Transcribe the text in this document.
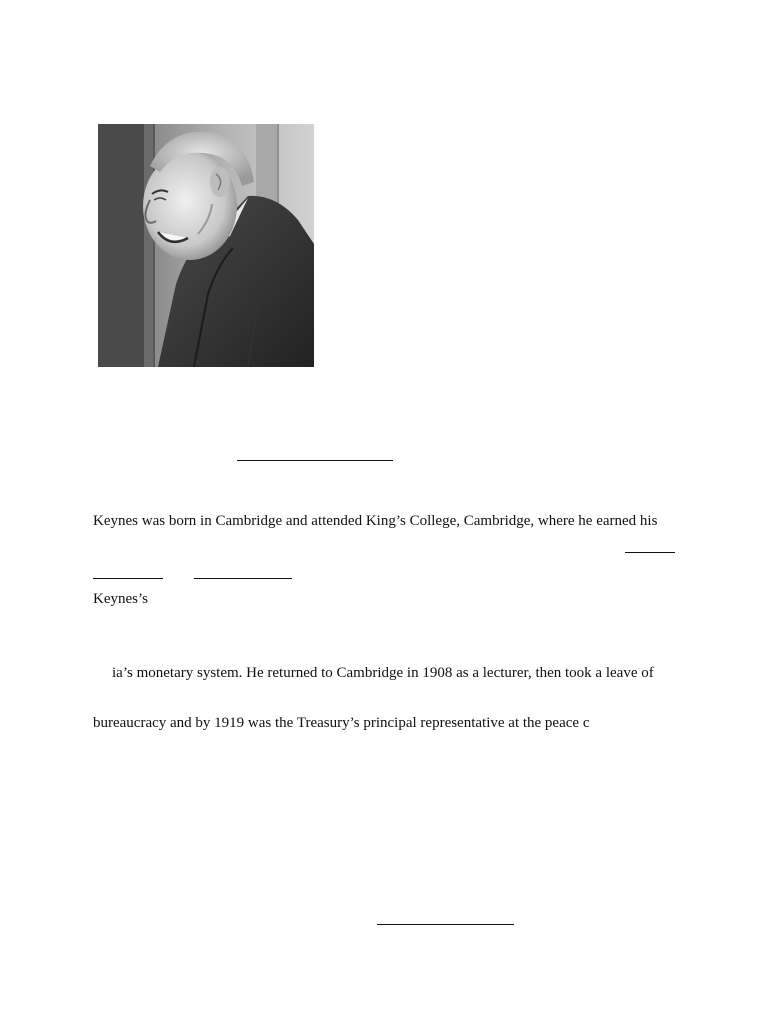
Keynes was born in Cambridge and attended King’s College, Cambridge, where he earned his

Keynes’s

ia’s monetary system. He returned to Cambridge in 1908 as a lecturer, then took a leave of

bureaucracy and by 1919 was the Treasury’s principal representative at the peace c
